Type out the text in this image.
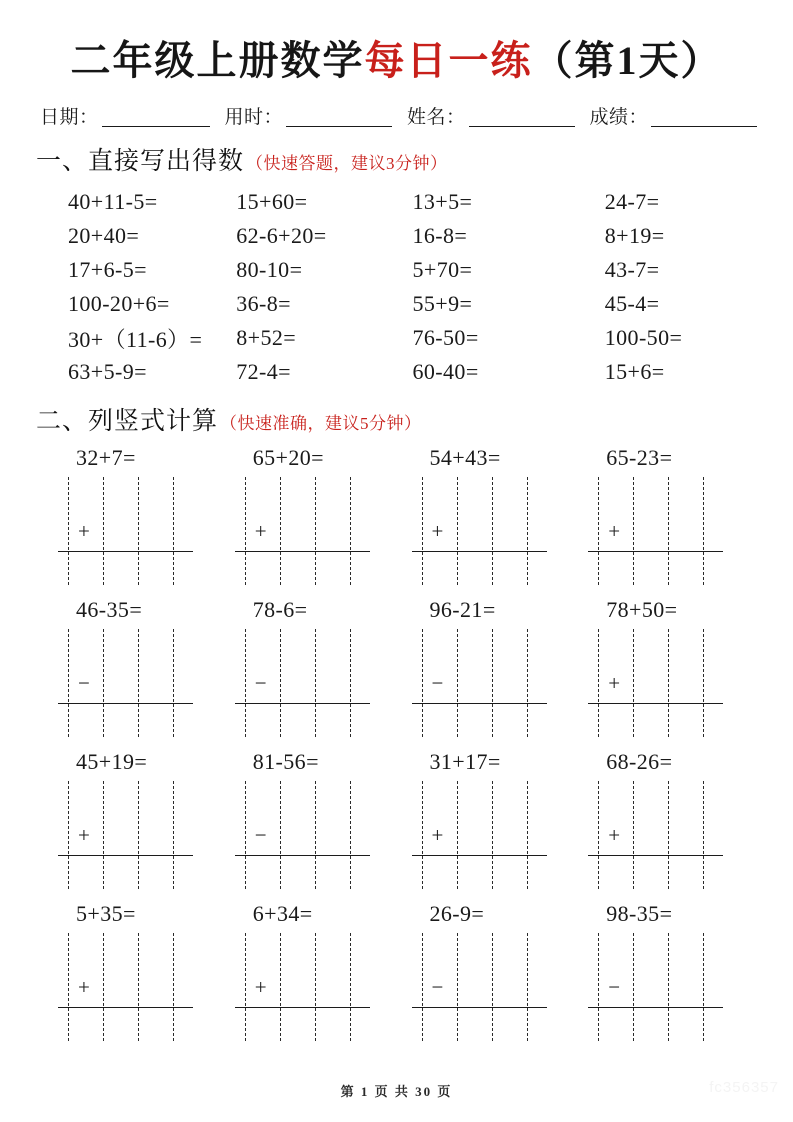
二年级上册数学每日一练（第1天）
日期：	用时：	姓名：	成绩：
一、直接写出得数 （快速答题，建议3分钟）
40+11-5=	15+60=	13+5=	24-7=
20+40=	62-6+20=	16-8=	8+19=
17+6-5=	80-10=	5+70=	43-7=
100-20+6=	36-8=	55+9=	45-4=
30+（11-6）=	8+52=	76-50=	100-50=
63+5-9=	72-4=	60-40=	15+6=
二、列竖式计算 （快速准确，建议5分钟）
32+7=
+
65+20=
+
54+43=
+
65-23=
+
46-35=
−
78-6=
−
96-21=
−
78+50=
+
45+19=
+
81-56=
−
31+17=
+
68-26=
+
5+35=
+
6+34=
+
26-9=
−
98-35=
−
第 1 页 共 30 页	fc356357
